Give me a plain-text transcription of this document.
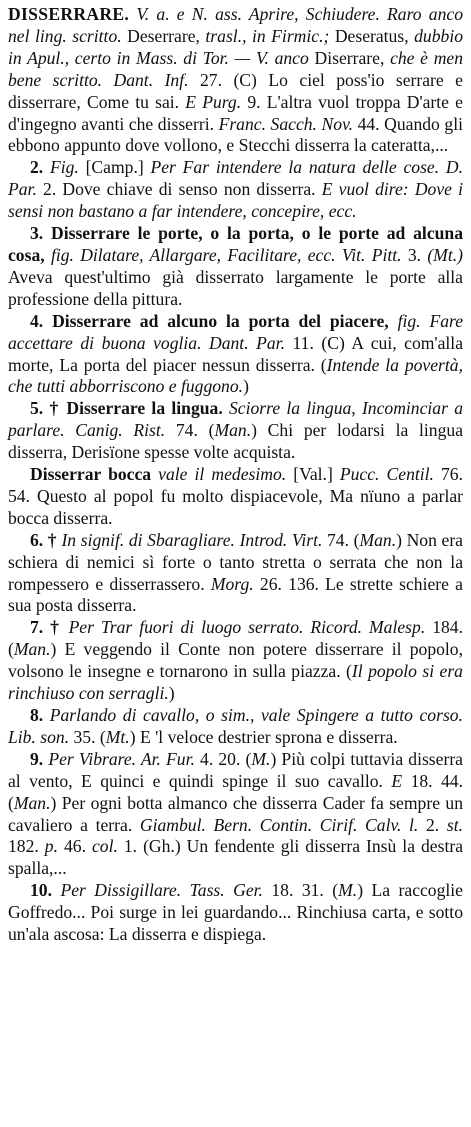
DISSERRARE. V. a. e N. ass. Aprire, Schiudere. Raro anco nel ling. scritto. Deserrare, trasl., in Firmic.; Deseratus, dubbio in Apul., certo in Mass. di Tor. — V. anco Diserrare, che è men bene scritto. Dant. Inf. 27. (C) Lo ciel poss'io serrare e disserrare, Come tu sai. E Purg. 9. L'altra vuol troppa D'arte e d'ingegno avanti che disserri. Franc. Sacch. Nov. 44. Quando gli ebbono appunto dove vollono, e Stecchi disserra la cateratta,...

2. Fig. [Camp.] Per Far intendere la natura delle cose. D. Par. 2. Dove chiave di senso non disserra. E vuol dire: Dove i sensi non bastano a far intendere, concepire, ecc.

3. Disserrare le porte, o la porta, o le porte ad alcuna cosa, fig. Dilatare, Allargare, Facilitare, ecc. Vit. Pitt. 3. (Mt.) Aveva quest'ultimo già disserrato largamente le porte alla professione della pittura.

4. Disserrare ad alcuno la porta del piacere, fig. Fare accettare di buona voglia. Dant. Par. 11. (C) A cui, com'alla morte, La porta del piacer nessun disserra. (Intende la povertà, che tutti abborriscono e fuggono.)

5. † Disserrare la lingua. Sciorre la lingua, Incominciar a parlare. Canig. Rist. 74. (Man.) Chi per lodarsi la lingua disserra, Derisïone spesse volte acquista.

Disserrar bocca vale il medesimo. [Val.] Pucc. Centil. 76. 54. Questo al popol fu molto dispiacevole, Ma nïuno a parlar bocca disserra.

6. † In signif. di Sbaragliare. Introd. Virt. 74. (Man.) Non era schiera di nemici sì forte o tanto stretta o serrata che non la rompessero e disserrassero. Morg. 26. 136. Le strette schiere a sua posta disserra.

7. † Per Trar fuori di luogo serrato. Ricord. Malesp. 184. (Man.) E veggendo il Conte non potere disserrare il popolo, volsono le insegne e tornarono in sulla piazza. (Il popolo si era rinchiuso con serragli.)

8. Parlando di cavallo, o sim., vale Spingere a tutto corso. Lib. son. 35. (Mt.) E 'l veloce destrier sprona e disserra.

9. Per Vibrare. Ar. Fur. 4. 20. (M.) Più colpi tuttavia disserra al vento, E quinci e quindi spinge il suo cavallo. E 18. 44. (Man.) Per ogni botta almanco che disserra Cader fa sempre un cavaliero a terra. Giambul. Bern. Contin. Cirif. Calv. l. 2. st. 182. p. 46. col. 1. (Gh.) Un fendente gli disserra Insù la destra spalla,...

10. Per Dissigillare. Tass. Ger. 18. 31. (M.) La raccoglie Goffredo... Poi surge in lei guardando... Rinchiusa carta, e sotto un'ala ascosa: La disserra e dispiega.
